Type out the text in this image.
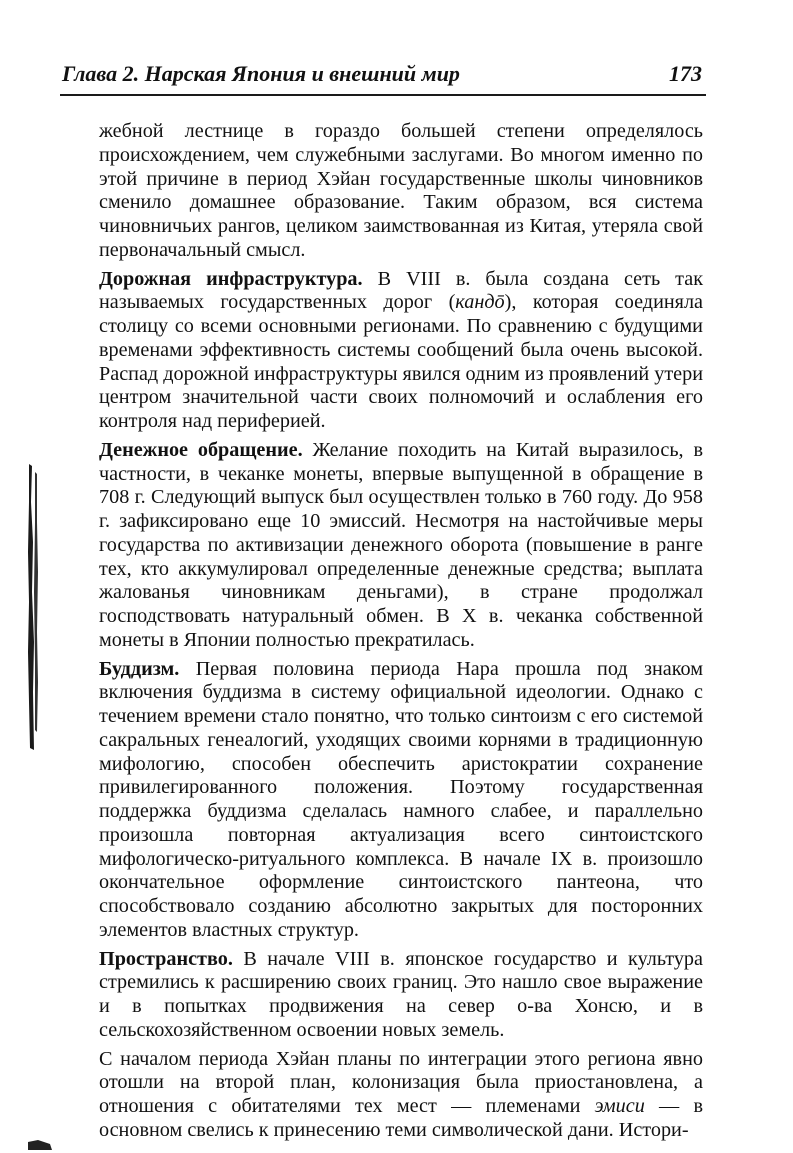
Глава 2. Нарская Япония и внешний мир	173

жебной лестнице в гораздо большей степени определялось происхождением, чем служебными заслугами. Во многом именно по этой причине в период Хэйан государственные школы чиновников сменило домашнее образование. Таким образом, вся система чиновничьих рангов, целиком заимствованная из Китая, утеряла свой первоначальный смысл.

Дорожная инфраструктура. В VIII в. была создана сеть так называемых государственных дорог (кандō), которая соединяла столицу со всеми основными регионами. По сравнению с будущими временами эффективность системы сообщений была очень высокой. Распад дорожной инфраструктуры явился одним из проявлений утери центром значительной части своих полномочий и ослабления его контроля над периферией.

Денежное обращение. Желание походить на Китай выразилось, в частности, в чеканке монеты, впервые выпущенной в обращение в 708 г. Следующий выпуск был осуществлен только в 760 году. До 958 г. зафиксировано еще 10 эмиссий. Несмотря на настойчивые меры государства по активизации денежного оборота (повышение в ранге тех, кто аккумулировал определенные денежные средства; выплата жалованья чиновникам деньгами), в стране продолжал господствовать натуральный обмен. В X в. чеканка собственной монеты в Японии полностью прекратилась.

Буддизм. Первая половина периода Нара прошла под знаком включения буддизма в систему официальной идеологии. Однако с течением времени стало понятно, что только синтоизм с его системой сакральных генеалогий, уходящих своими корнями в традиционную мифологию, способен обеспечить аристократии сохранение привилегированного положения. Поэтому государственная поддержка буддизма сделалась намного слабее, и параллельно произошла повторная актуализация всего синтоистского мифологическо-ритуального комплекса. В начале IX в. произошло окончательное оформление синтоистского пантеона, что способствовало созданию абсолютно закрытых для посторонних элементов властных структур.

Пространство. В начале VIII в. японское государство и культура стремились к расширению своих границ. Это нашло свое выражение и в попытках продвижения на север о-ва Хонсю, и в сельскохозяйственном освоении новых земель.

С началом периода Хэйан планы по интеграции этого региона явно отошли на второй план, колонизация была приостановлена, а отношения с обитателями тех мест — племенами эмиси — в основном свелись к принесению теми символической дани. Истори-
